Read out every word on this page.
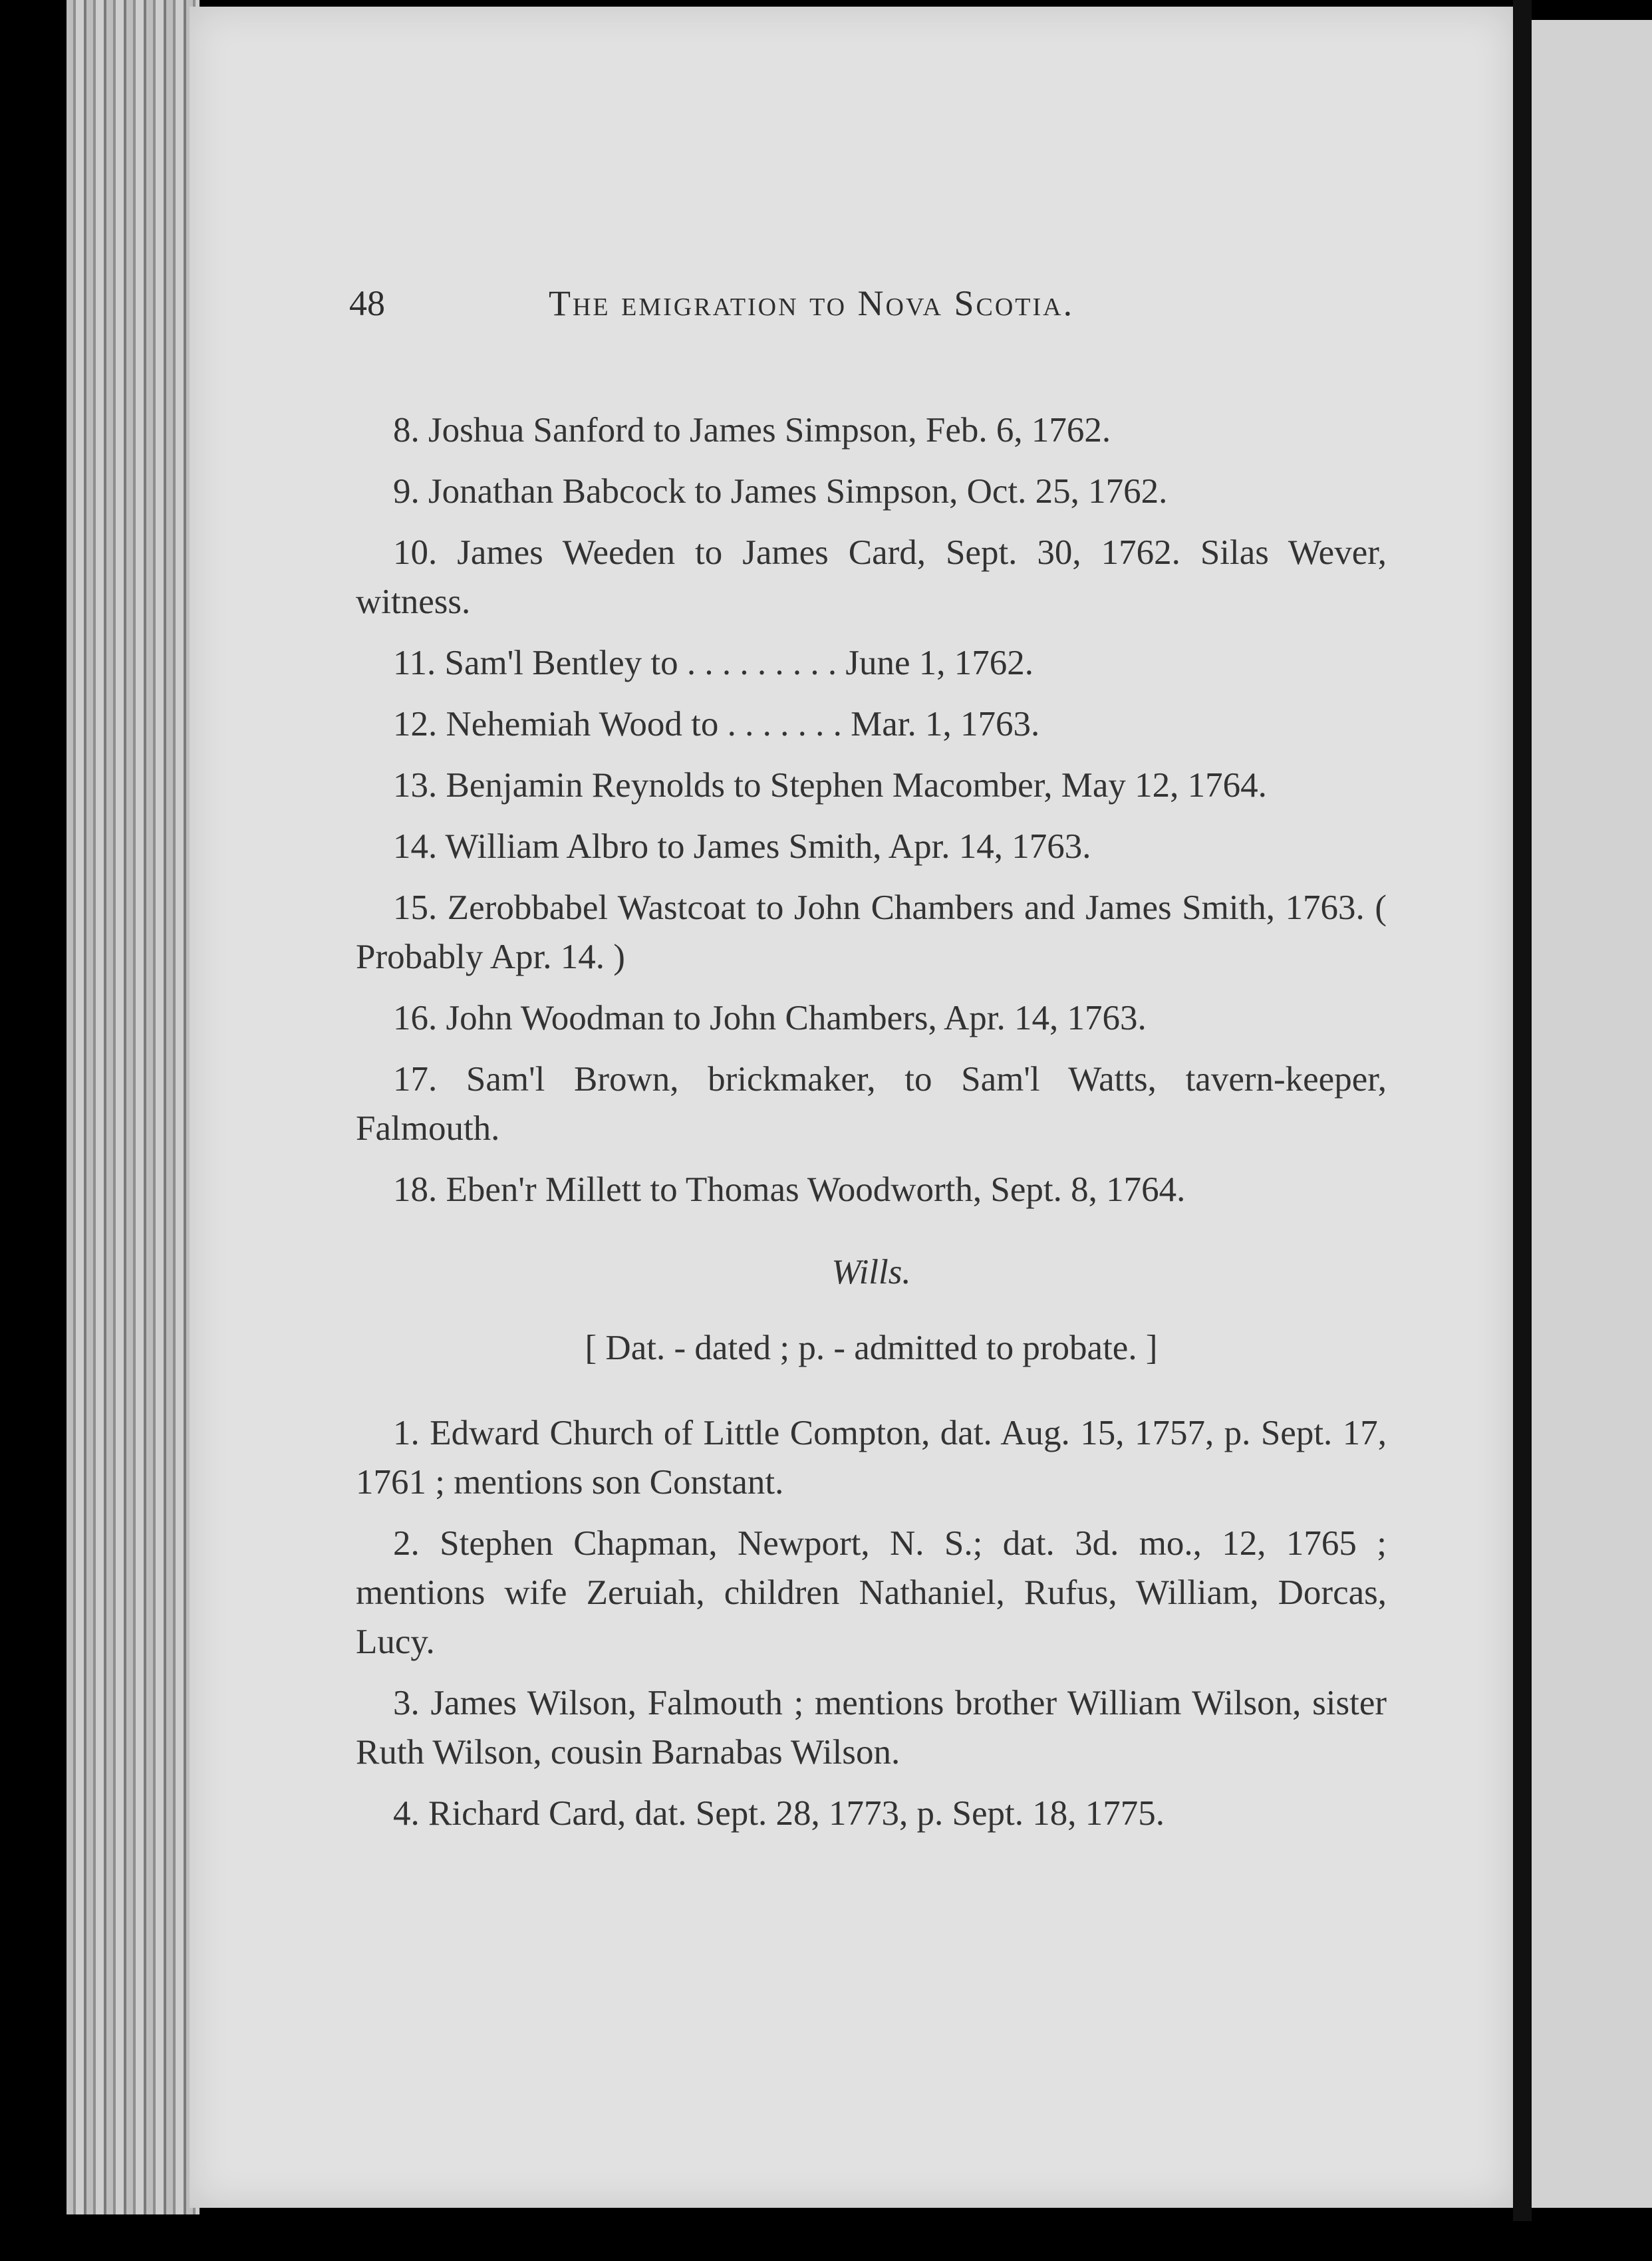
48	The emigration to Nova Scotia.

8. Joshua Sanford to James Simpson, Feb. 6, 1762.

9. Jonathan Babcock to James Simpson, Oct. 25, 1762.

10. James Weeden to James Card, Sept. 30, 1762. Silas Wever, witness.

11. Sam'l Bentley to . . . . . . . . . June 1, 1762.

12. Nehemiah Wood to . . . . . . . Mar. 1, 1763.

13. Benjamin Reynolds to Stephen Macomber, May 12, 1764.

14. William Albro to James Smith, Apr. 14, 1763.

15. Zerobbabel Wastcoat to John Chambers and James Smith, 1763. ( Probably Apr. 14. )

16. John Woodman to John Chambers, Apr. 14, 1763.

17. Sam'l Brown, brickmaker, to Sam'l Watts, tavern-keeper, Falmouth.

18. Eben'r Millett to Thomas Woodworth, Sept. 8, 1764.

Wills.

[ Dat. - dated ; p. - admitted to probate. ]

1. Edward Church of Little Compton, dat. Aug. 15, 1757, p. Sept. 17, 1761 ; mentions son Constant.

2. Stephen Chapman, Newport, N. S.; dat. 3d. mo., 12, 1765 ; mentions wife Zeruiah, children Nathaniel, Rufus, William, Dorcas, Lucy.

3. James Wilson, Falmouth ; mentions brother William Wilson, sister Ruth Wilson, cousin Barnabas Wilson.

4. Richard Card, dat. Sept. 28, 1773, p. Sept. 18, 1775.
